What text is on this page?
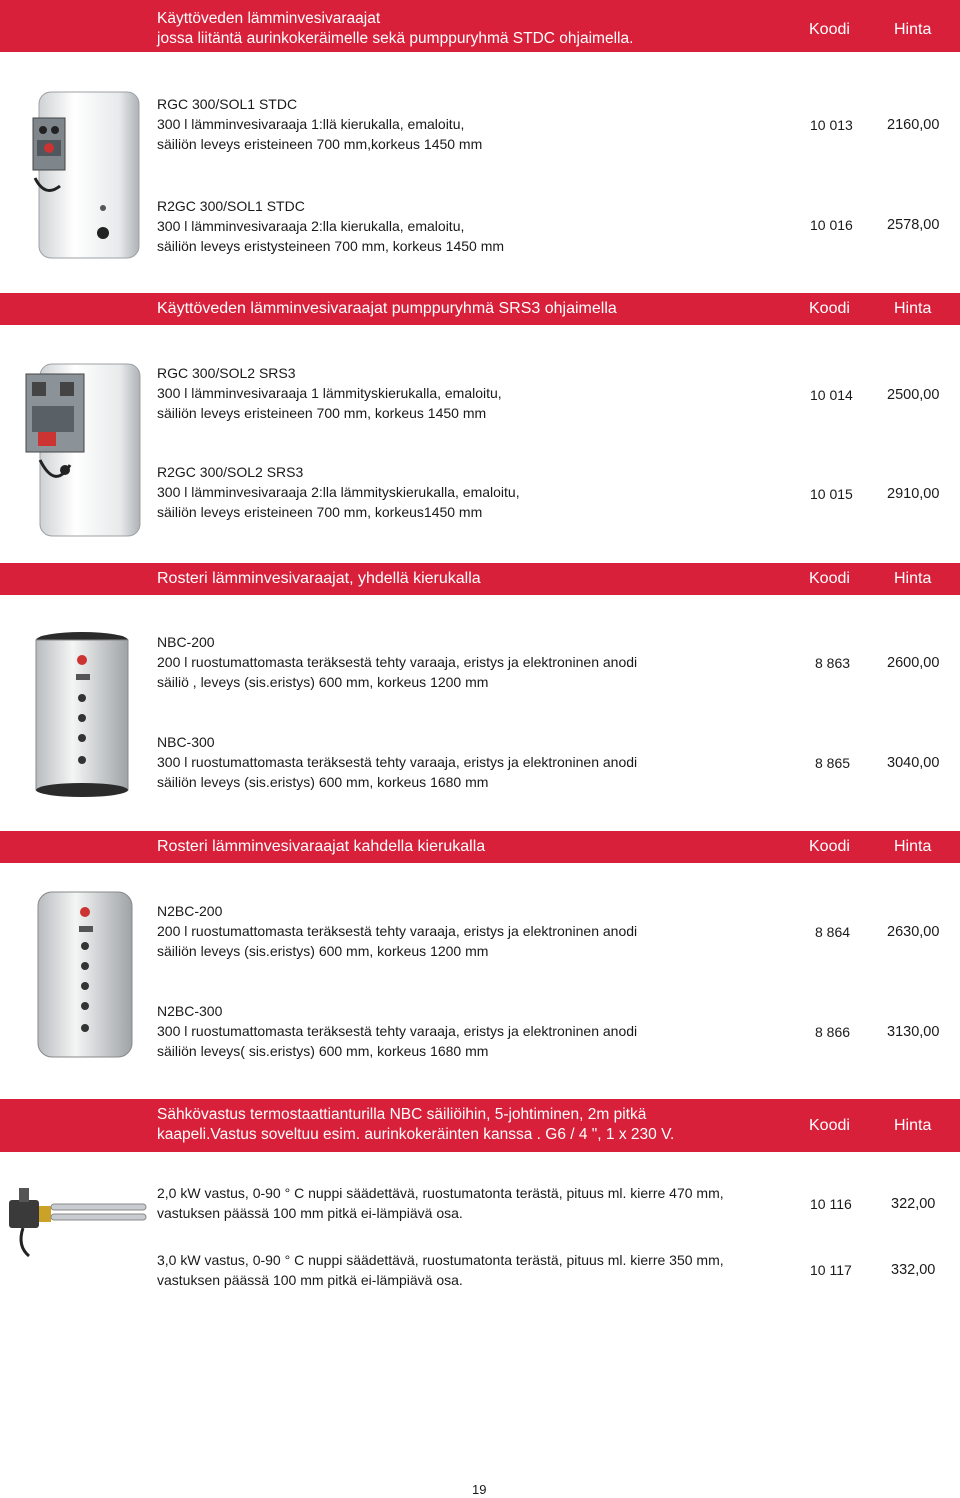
Käyttöveden lämminvesivaraajat
jossa liitäntä aurinkokeräimelle sekä pumppuryhmä STDC ohjaimella.
Koodi	Hinta
RGC 300/SOL1 STDC
300 l lämminvesivaraaja 1:llä kierukalla, emaloitu,
säiliön leveys eristeineen 700 mm,korkeus 1450 mm
10 013 2160,00
R2GC 300/SOL1 STDC
300 l lämminvesivaraaja 2:lla kierukalla, emaloitu,
säiliön leveys eristysteineen 700 mm, korkeus 1450 mm
10 016 2578,00
Käyttöveden lämminvesivaraajat pumppuryhmä SRS3 ohjaimella	Koodi	Hinta
RGC 300/SOL2 SRS3
300 l lämminvesivaraaja 1 lämmityskierukalla, emaloitu,
säiliön leveys eristeineen 700 mm, korkeus 1450 mm
10 014 2500,00
R2GC 300/SOL2 SRS3
300 l lämminvesivaraaja 2:lla lämmityskierukalla, emaloitu,
säiliön leveys eristeineen 700 mm, korkeus1450 mm
10 015 2910,00
Rosteri lämminvesivaraajat, yhdellä kierukalla	Koodi	Hinta
NBC-200
200 l ruostumattomasta teräksestä tehty varaaja, eristys ja elektroninen anodi
säiliö , leveys (sis.eristys) 600 mm, korkeus 1200 mm
8 863	2600,00
NBC-300
300 l ruostumattomasta teräksestä tehty varaaja, eristys ja elektroninen anodi
säiliön leveys (sis.eristys) 600 mm, korkeus 1680 mm
8 865	3040,00
Rosteri lämminvesivaraajat kahdella kierukalla	Koodi	Hinta
N2BC-200
200 l ruostumattomasta teräksestä tehty varaaja, eristys ja elektroninen anodi
säiliön leveys (sis.eristys) 600 mm, korkeus 1200 mm
8 864	2630,00
N2BC-300
300 l ruostumattomasta teräksestä tehty varaaja, eristys ja elektroninen anodi
säiliön leveys( sis.eristys) 600 mm, korkeus 1680 mm
8 866	3130,00
Sähkövastus termostaattianturilla NBC säiliöihin, 5-johtiminen, 2m pitkä
kaapeli.Vastus soveltuu esim. aurinkokeräinten kanssa . G6 / 4 ", 1 x 230 V.
Koodi	Hinta
2,0 kW vastus, 0-90 ° C nuppi säädettävä, ruostumatonta terästä, pituus ml. kierre 470 mm,
vastuksen päässä 100 mm pitkä ei-lämpiävä osa.
10 116	322,00
3,0 kW vastus, 0-90 ° C nuppi säädettävä, ruostumatonta terästä, pituus ml. kierre 350 mm,
vastuksen päässä 100 mm pitkä ei-lämpiävä osa.
10 117	332,00
19
